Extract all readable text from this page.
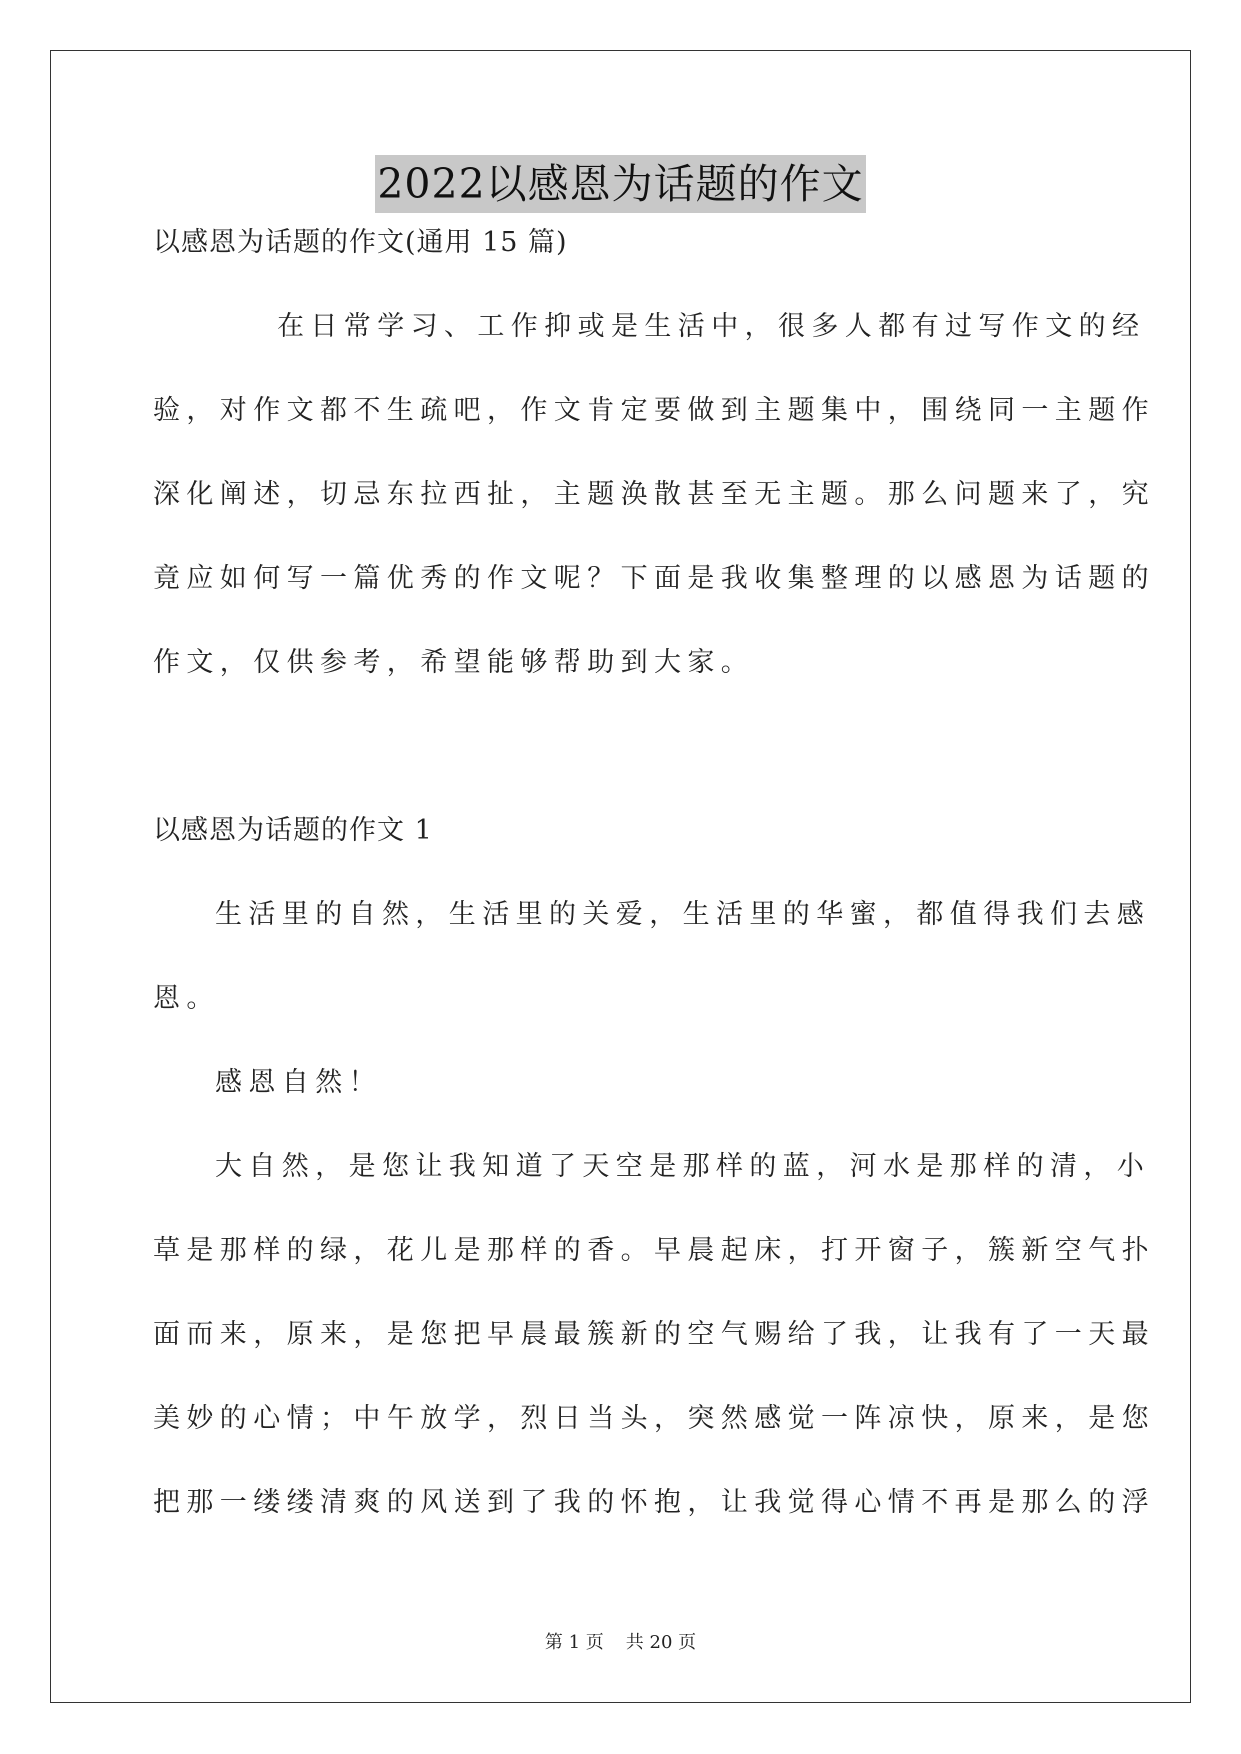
2022以感恩为话题的作文
以感恩为话题的作文(通用 15 篇)
在日常学习、工作抑或是生活中，很多人都有过写作文的经
验，对作文都不生疏吧，作文肯定要做到主题集中，围绕同一主题作
深化阐述，切忌东拉西扯，主题涣散甚至无主题。那么问题来了，究
竟应如何写一篇优秀的作文呢？下面是我收集整理的以感恩为话题的
作文，仅供参考，希望能够帮助到大家。
以感恩为话题的作文 1
生活里的自然，生活里的关爱，生活里的华蜜，都值得我们去感
恩。
感恩自然！
大自然，是您让我知道了天空是那样的蓝，河水是那样的清，小
草是那样的绿，花儿是那样的香。早晨起床，打开窗子，簇新空气扑
面而来，原来，是您把早晨最簇新的空气赐给了我，让我有了一天最
美妙的心情；中午放学，烈日当头，突然感觉一阵凉快，原来，是您
把那一缕缕清爽的风送到了我的怀抱，让我觉得心情不再是那么的浮
第 1 页 共 20 页
